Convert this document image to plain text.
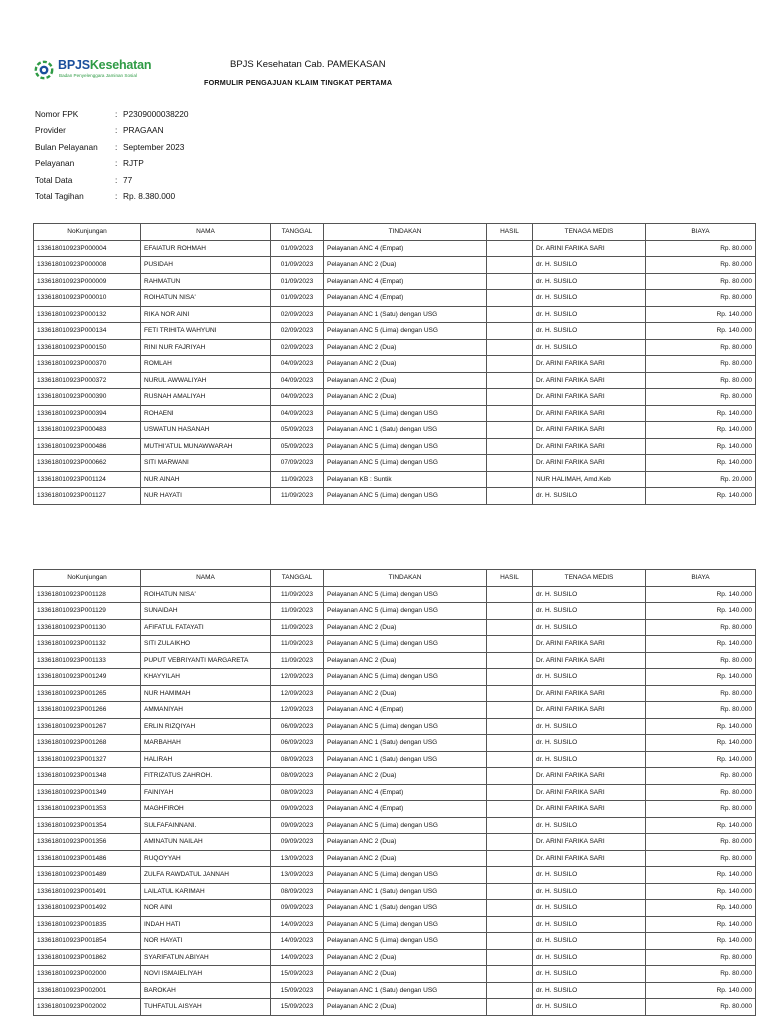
BPJSKesehatan
Badan Penyelenggara Jaminan Sosial
BPJS Kesehatan Cab. PAMEKASAN
FORMULIR PENGAJUAN KLAIM TINGKAT PERTAMA
Nomor FPK	: P2309000038220
Provider	: PRAGAAN
Bulan Pelayanan	: September 2023
Pelayanan	: RJTP
Total Data	: 77
Total Tagihan	: Rp. 8.380.000
NoKunjungan	NAMA	TANGGAL	TINDAKAN	HASIL	TENAGA MEDIS	BIAYA
133618010923P000004	EFAIATUR ROHMAH	01/09/2023	Pelayanan ANC 4 (Empat)		Dr. ARINI FARIKA SARI	Rp. 80.000
133618010923P000008	PUSIDAH	01/09/2023	Pelayanan ANC 2 (Dua)		dr. H. SUSILO	Rp. 80.000
133618010923P000009	RAHMATUN	01/09/2023	Pelayanan ANC 4 (Empat)		dr. H. SUSILO	Rp. 80.000
133618010923P000010	ROIHATUN NISA'	01/09/2023	Pelayanan ANC 4 (Empat)		dr. H. SUSILO	Rp. 80.000
133618010923P000132	RIKA NOR AINI	02/09/2023	Pelayanan ANC 1 (Satu) dengan USG		dr. H. SUSILO	Rp. 140.000
133618010923P000134	FETI TRIHITA WAHYUNI	02/09/2023	Pelayanan ANC 5 (Lima) dengan USG		dr. H. SUSILO	Rp. 140.000
133618010923P000150	RINI NUR FAJRIYAH	02/09/2023	Pelayanan ANC 2 (Dua)		dr. H. SUSILO	Rp. 80.000
133618010923P000370	ROMLAH	04/09/2023	Pelayanan ANC 2 (Dua)		Dr. ARINI FARIKA SARI	Rp. 80.000
133618010923P000372	NURUL AWWALIYAH	04/09/2023	Pelayanan ANC 2 (Dua)		Dr. ARINI FARIKA SARI	Rp. 80.000
133618010923P000390	RUSNAH AMALIYAH	04/09/2023	Pelayanan ANC 2 (Dua)		Dr. ARINI FARIKA SARI	Rp. 80.000
133618010923P000394	ROHAENI	04/09/2023	Pelayanan ANC 5 (Lima) dengan USG		Dr. ARINI FARIKA SARI	Rp. 140.000
133618010923P000483	USWATUN HASANAH	05/09/2023	Pelayanan ANC 1 (Satu) dengan USG		Dr. ARINI FARIKA SARI	Rp. 140.000
133618010923P000486	MUTHI'ATUL MUNAWWARAH	05/09/2023	Pelayanan ANC 5 (Lima) dengan USG		Dr. ARINI FARIKA SARI	Rp. 140.000
133618010923P000662	SITI MARWANI	07/09/2023	Pelayanan ANC 5 (Lima) dengan USG		Dr. ARINI FARIKA SARI	Rp. 140.000
133618010923P001124	NUR AINAH	11/09/2023	Pelayanan KB : Suntik		NUR HALIMAH, Amd.Keb	Rp. 20.000
133618010923P001127	NUR HAYATI	11/09/2023	Pelayanan ANC 5 (Lima) dengan USG		dr. H. SUSILO	Rp. 140.000
NoKunjungan	NAMA	TANGGAL	TINDAKAN	HASIL	TENAGA MEDIS	BIAYA
133618010923P001128	ROIHATUN NISA'	11/09/2023	Pelayanan ANC 5 (Lima) dengan USG		dr. H. SUSILO	Rp. 140.000
133618010923P001129	SUNAIDAH	11/09/2023	Pelayanan ANC 5 (Lima) dengan USG		dr. H. SUSILO	Rp. 140.000
133618010923P001130	AFIFATUL FATAYATI	11/09/2023	Pelayanan ANC 2 (Dua)		dr. H. SUSILO	Rp. 80.000
133618010923P001132	SITI ZULAIKHO	11/09/2023	Pelayanan ANC 5 (Lima) dengan USG		Dr. ARINI FARIKA SARI	Rp. 140.000
133618010923P001133	PUPUT VEBRIYANTI MARGARETA	11/09/2023	Pelayanan ANC 2 (Dua)		Dr. ARINI FARIKA SARI	Rp. 80.000
133618010923P001249	KHAYYILAH	12/09/2023	Pelayanan ANC 5 (Lima) dengan USG		dr. H. SUSILO	Rp. 140.000
133618010923P001265	NUR HAMIMAH	12/09/2023	Pelayanan ANC 2 (Dua)		Dr. ARINI FARIKA SARI	Rp. 80.000
133618010923P001266	AMMANIYAH	12/09/2023	Pelayanan ANC 4 (Empat)		Dr. ARINI FARIKA SARI	Rp. 80.000
133618010923P001267	ERLIN RIZQIYAH	06/09/2023	Pelayanan ANC 5 (Lima) dengan USG		dr. H. SUSILO	Rp. 140.000
133618010923P001268	MARBAHAH	06/09/2023	Pelayanan ANC 1 (Satu) dengan USG		dr. H. SUSILO	Rp. 140.000
133618010923P001327	HALIRAH	08/09/2023	Pelayanan ANC 1 (Satu) dengan USG		dr. H. SUSILO	Rp. 140.000
133618010923P001348	FITRIZATUS ZAHROH.	08/09/2023	Pelayanan ANC 2 (Dua)		Dr. ARINI FARIKA SARI	Rp. 80.000
133618010923P001349	FAINIYAH	08/09/2023	Pelayanan ANC 4 (Empat)		Dr. ARINI FARIKA SARI	Rp. 80.000
133618010923P001353	MAGHFIROH	09/09/2023	Pelayanan ANC 4 (Empat)		Dr. ARINI FARIKA SARI	Rp. 80.000
133618010923P001354	SULFAFAINNANI.	09/09/2023	Pelayanan ANC 5 (Lima) dengan USG		dr. H. SUSILO	Rp. 140.000
133618010923P001356	AMINATUN NAILAH	09/09/2023	Pelayanan ANC 2 (Dua)		Dr. ARINI FARIKA SARI	Rp. 80.000
133618010923P001486	RUQOYYAH	13/09/2023	Pelayanan ANC 2 (Dua)		Dr. ARINI FARIKA SARI	Rp. 80.000
133618010923P001489	ZULFA RAWDATUL JANNAH	13/09/2023	Pelayanan ANC 5 (Lima) dengan USG		dr. H. SUSILO	Rp. 140.000
133618010923P001491	LAILATUL KARIMAH	08/09/2023	Pelayanan ANC 1 (Satu) dengan USG		dr. H. SUSILO	Rp. 140.000
133618010923P001492	NOR AINI	09/09/2023	Pelayanan ANC 1 (Satu) dengan USG		dr. H. SUSILO	Rp. 140.000
133618010923P001835	INDAH HATI	14/09/2023	Pelayanan ANC 5 (Lima) dengan USG		dr. H. SUSILO	Rp. 140.000
133618010923P001854	NOR HAYATI	14/09/2023	Pelayanan ANC 5 (Lima) dengan USG		dr. H. SUSILO	Rp. 140.000
133618010923P001862	SYARIFATUN ABIYAH	14/09/2023	Pelayanan ANC 2 (Dua)		dr. H. SUSILO	Rp. 80.000
133618010923P002000	NOVI ISMAIELIYAH	15/09/2023	Pelayanan ANC 2 (Dua)		dr. H. SUSILO	Rp. 80.000
133618010923P002001	BAROKAH	15/09/2023	Pelayanan ANC 1 (Satu) dengan USG		dr. H. SUSILO	Rp. 140.000
133618010923P002002	TUHFATUL AISYAH	15/09/2023	Pelayanan ANC 2 (Dua)		dr. H. SUSILO	Rp. 80.000
